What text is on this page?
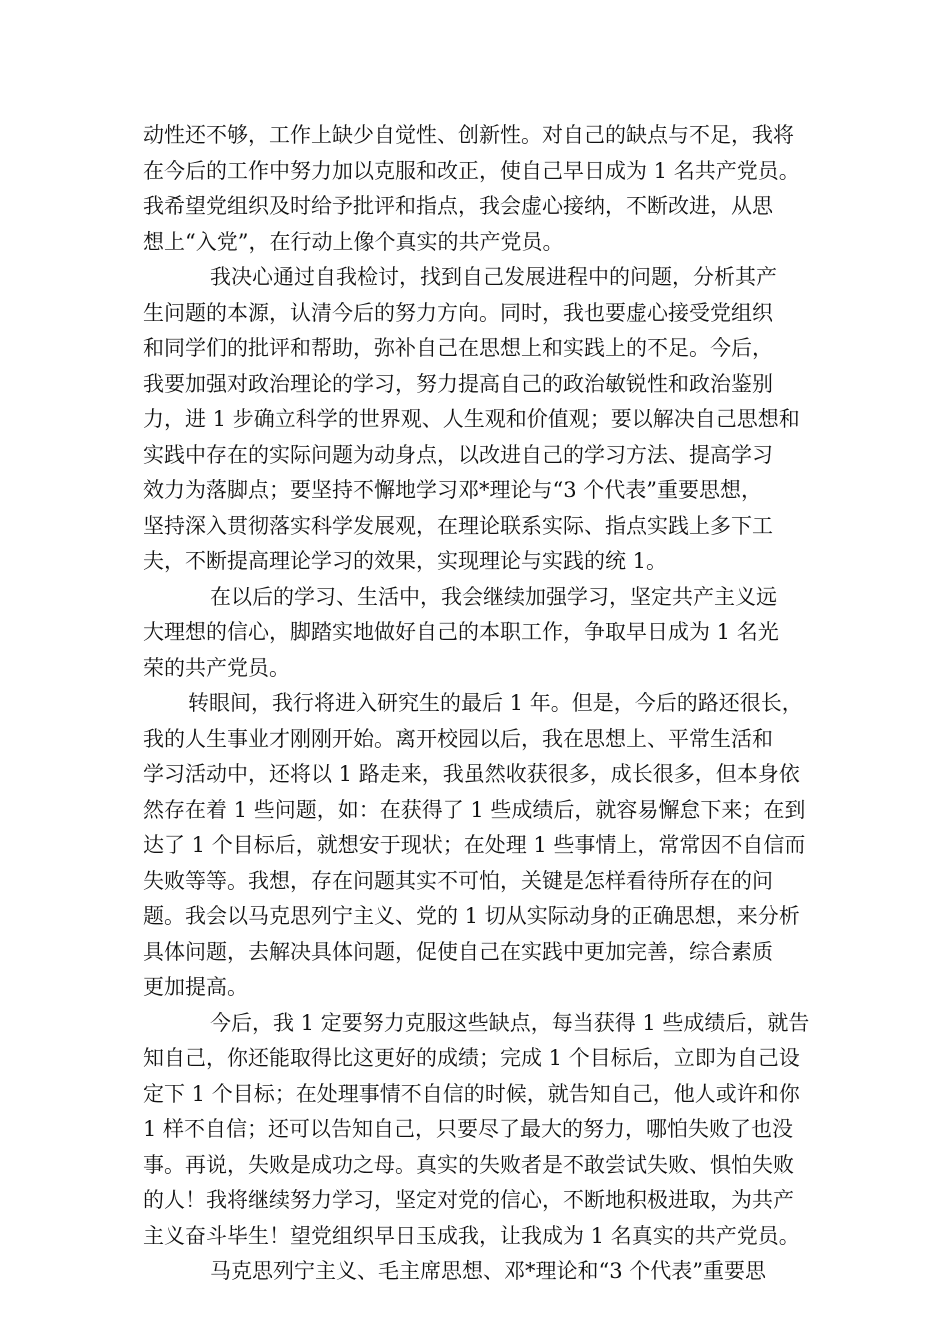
动性还不够，工作上缺少自觉性、创新性。对自己的缺点与不足，我将
在今后的工作中努力加以克服和改正，使自己早日成为 1 名共产党员。
我希望党组织及时给予批评和指点，我会虚心接纳，不断改进，从思
想上“入党”，在行动上像个真实的共产党员。
我决心通过自我检讨，找到自己发展进程中的问题，分析其产
生问题的本源，认清今后的努力方向。同时，我也要虚心接受党组织
和同学们的批评和帮助，弥补自己在思想上和实践上的不足。今后，
我要加强对政治理论的学习，努力提高自己的政治敏锐性和政治鉴别
力，进 1 步确立科学的世界观、人生观和价值观；要以解决自己思想和
实践中存在的实际问题为动身点，以改进自己的学习方法、提高学习
效力为落脚点；要坚持不懈地学习邓*理论与“3 个代表”重要思想，
坚持深入贯彻落实科学发展观，在理论联系实际、指点实践上多下工
夫，不断提高理论学习的效果，实现理论与实践的统 1。
在以后的学习、生活中，我会继续加强学习，坚定共产主义远
大理想的信心，脚踏实地做好自己的本职工作，争取早日成为 1 名光
荣的共产党员。
转眼间，我行将进入研究生的最后 1 年。但是，今后的路还很长，
我的人生事业才刚刚开始。离开校园以后，我在思想上、平常生活和
学习活动中，还将以 1 路走来，我虽然收获很多，成长很多，但本身依
然存在着 1 些问题，如：在获得了 1 些成绩后，就容易懈怠下来；在到
达了 1 个目标后，就想安于现状；在处理 1 些事情上，常常因不自信而
失败等等。我想，存在问题其实不可怕，关键是怎样看待所存在的问
题。我会以马克思列宁主义、党的 1 切从实际动身的正确思想，来分析
具体问题，去解决具体问题，促使自己在实践中更加完善，综合素质
更加提高。
今后，我 1 定要努力克服这些缺点，每当获得 1 些成绩后，就告
知自己，你还能取得比这更好的成绩；完成 1 个目标后，立即为自己设
定下 1 个目标；在处理事情不自信的时候，就告知自己，他人或许和你
1 样不自信；还可以告知自己，只要尽了最大的努力，哪怕失败了也没
事。再说，失败是成功之母。真实的失败者是不敢尝试失败、惧怕失败
的人！我将继续努力学习，坚定对党的信心，不断地积极进取，为共产
主义奋斗毕生！望党组织早日玉成我，让我成为 1 名真实的共产党员。
马克思列宁主义、毛主席思想、邓*理论和“3 个代表”重要思
